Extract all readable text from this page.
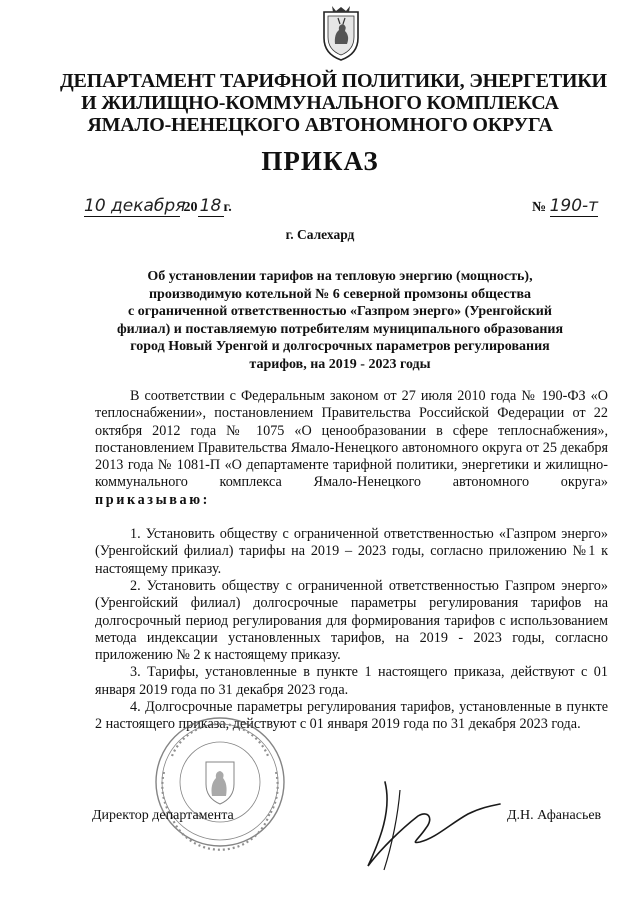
ДЕПАРТАМЕНТ ТАРИФНОЙ ПОЛИТИКИ, ЭНЕРГЕТИКИ
И ЖИЛИЩНО-КОММУНАЛЬНОГО КОМПЛЕКСА
ЯМАЛО-НЕНЕЦКОГО АВТОНОМНОГО ОКРУГА
ПРИКАЗ
10 декабря 20 18 г.	№ 190-т
г. Салехард
Об установлении тарифов на тепловую энергию (мощность),
производимую котельной № 6 северной промзоны общества
с ограниченной ответственностью «Газпром энерго» (Уренгойский
филиал) и поставляемую потребителям муниципального образования
город Новый Уренгой и долгосрочных параметров регулирования
тарифов, на 2019 - 2023 годы

В соответствии с Федеральным законом от 27 июля 2010 года № 190-ФЗ «О теплоснабжении», постановлением Правительства Российской Федерации от 22 октября 2012 года № 1075 «О ценообразовании в сфере теплоснабжения», постановлением Правительства Ямало-Ненецкого автономного округа от 25 декабря 2013 года № 1081-П «О департаменте тарифной политики, энергетики и жилищно-коммунального комплекса Ямало-Ненецкого автономного округа» приказываю:

1. Установить обществу с ограниченной ответственностью «Газпром энерго» (Уренгойский филиал) тарифы на 2019 – 2023 годы, согласно приложению №1 к настоящему приказу.

2. Установить обществу с ограниченной ответственностью Газпром энерго» (Уренгойский филиал) долгосрочные параметры регулирования тарифов на долгосрочный период регулирования для формирования тарифов с использованием метода индексации установленных тарифов, на 2019 - 2023 годы, согласно приложению № 2 к настоящему приказу.

3. Тарифы, установленные в пункте 1 настоящего приказа, действуют с 01 января 2019 года по 31 декабря 2023 года.

4. Долгосрочные параметры регулирования тарифов, установленные в пункте 2 настоящего приказа, действуют с 01 января 2019 года по 31 декабря 2023 года.

Директор департамента	Д.Н. Афанасьев
